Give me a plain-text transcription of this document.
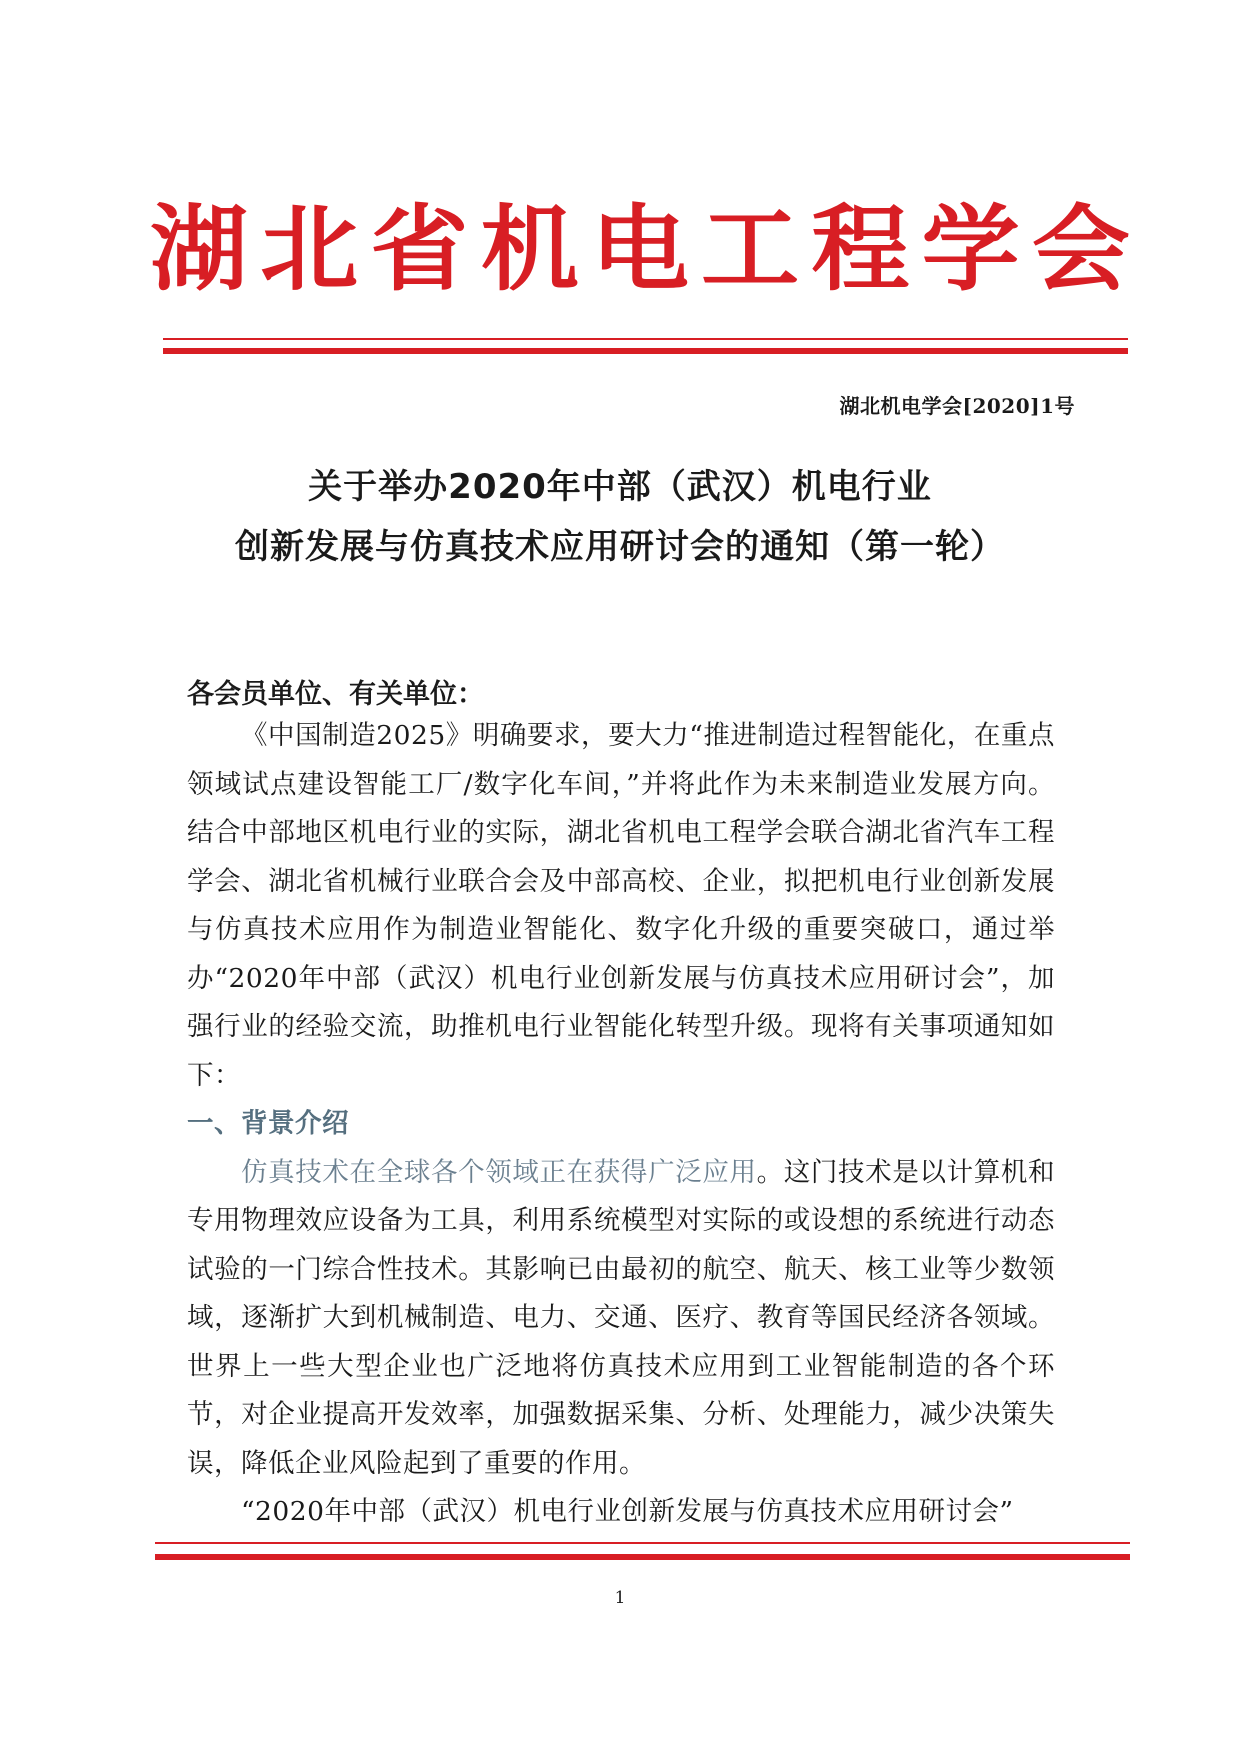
湖 北 省 机 电 工 程 学 会
湖北机电学会[2020]1号
关于举办2020年中部（武汉）机电行业
创新发展与仿真技术应用研讨会的通知（第一轮）
各会员单位、有关单位：

《中国制造2025》明确要求，要大力“推进制造过程智能化，在重点领域试点建设智能工厂/数字化车间，”并将此作为未来制造业发展方向。结合中部地区机电行业的实际，湖北省机电工程学会联合湖北省汽车工程学会、湖北省机械行业联合会及中部高校、企业，拟把机电行业创新发展与仿真技术应用作为制造业智能化、数字化升级的重要突破口，通过举办“2020年中部（武汉）机电行业创新发展与仿真技术应用研讨会”，加强行业的经验交流，助推机电行业智能化转型升级。现将有关事项通知如下：

一、背景介绍

仿真技术在全球各个领域正在获得广泛应用。这门技术是以计算机和专用物理效应设备为工具，利用系统模型对实际的或设想的系统进行动态试验的一门综合性技术。其影响已由最初的航空、航天、核工业等少数领域，逐渐扩大到机械制造、电力、交通、医疗、教育等国民经济各领域。世界上一些大型企业也广泛地将仿真技术应用到工业智能制造的各个环节，对企业提高开发效率，加强数据采集、分析、处理能力，减少决策失误，降低企业风险起到了重要的作用。

“2020年中部（武汉）机电行业创新发展与仿真技术应用研讨会”

1
